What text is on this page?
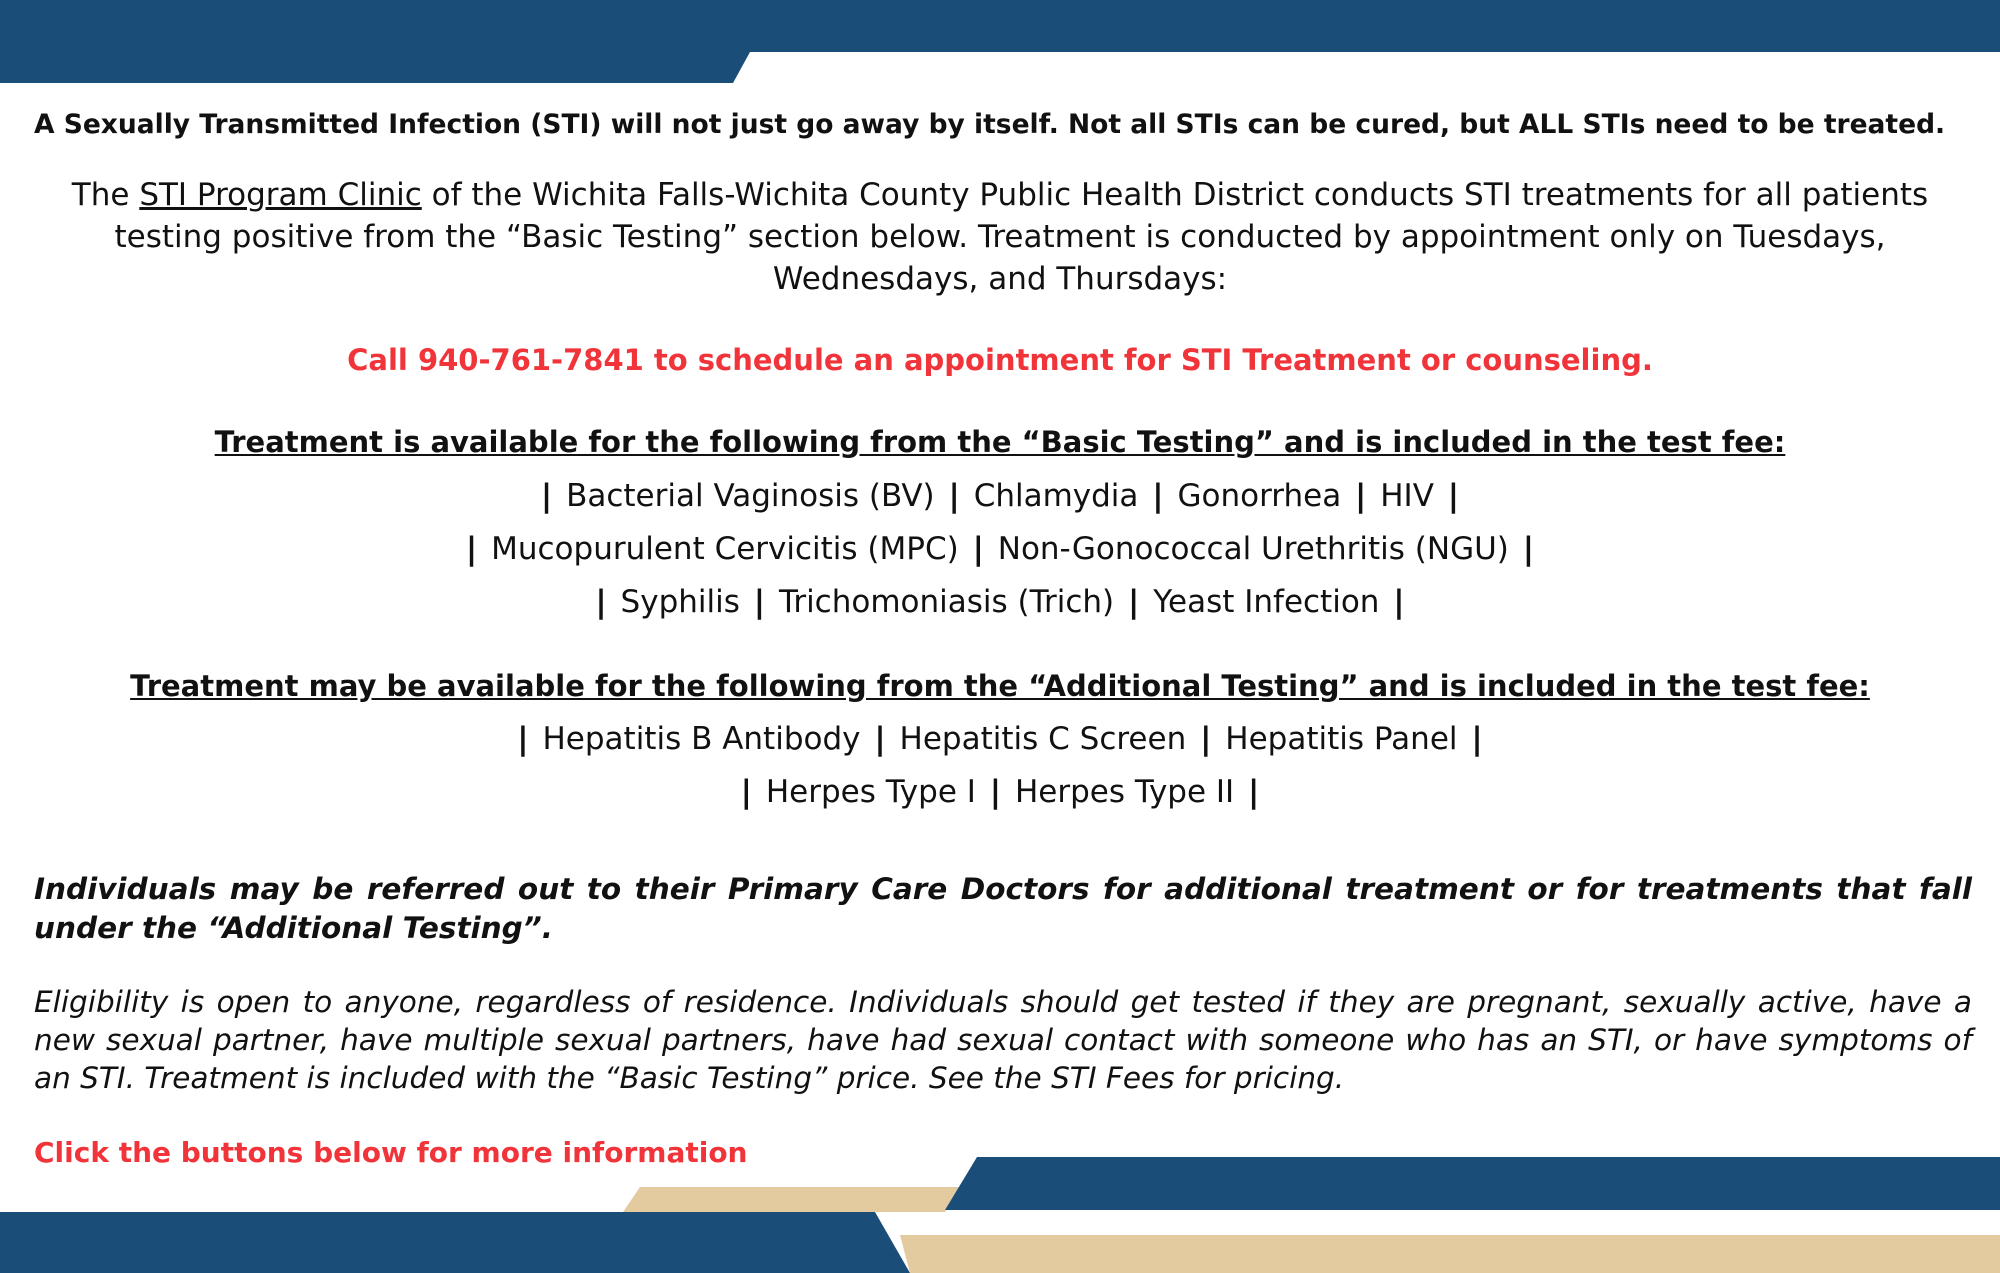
A Sexually Transmitted Infection (STI) will not just go away by itself. Not all STIs can be cured, but ALL STIs need to be treated.
The STI Program Clinic of the Wichita Falls-Wichita County Public Health District conducts STI treatments for all patients testing positive from the “Basic Testing” section below. Treatment is conducted by appointment only on Tuesdays, Wednesdays, and Thursdays:
Call 940-761-7841 to schedule an appointment for STI Treatment or counseling.
Treatment is available for the following from the “Basic Testing” and is included in the test fee:
| Bacterial Vaginosis (BV) | Chlamydia | Gonorrhea | HIV |
| Mucopurulent Cervicitis (MPC) | Non-Gonococcal Urethritis (NGU) |
| Syphilis | Trichomoniasis (Trich) | Yeast Infection |
Treatment may be available for the following from the “Additional Testing” and is included in the test fee:
| Hepatitis B Antibody | Hepatitis C Screen | Hepatitis Panel |
| Herpes Type I | Herpes Type II |
Individuals may be referred out to their Primary Care Doctors for additional treatment or for treatments that fall under the “Additional Testing”.
Eligibility is open to anyone, regardless of residence. Individuals should get tested if they are pregnant, sexually active, have a new sexual partner, have multiple sexual partners, have had sexual contact with someone who has an STI, or have symptoms of an STI. Treatment is included with the “Basic Testing” price. See the STI Fees for pricing.
Click the buttons below for more information
